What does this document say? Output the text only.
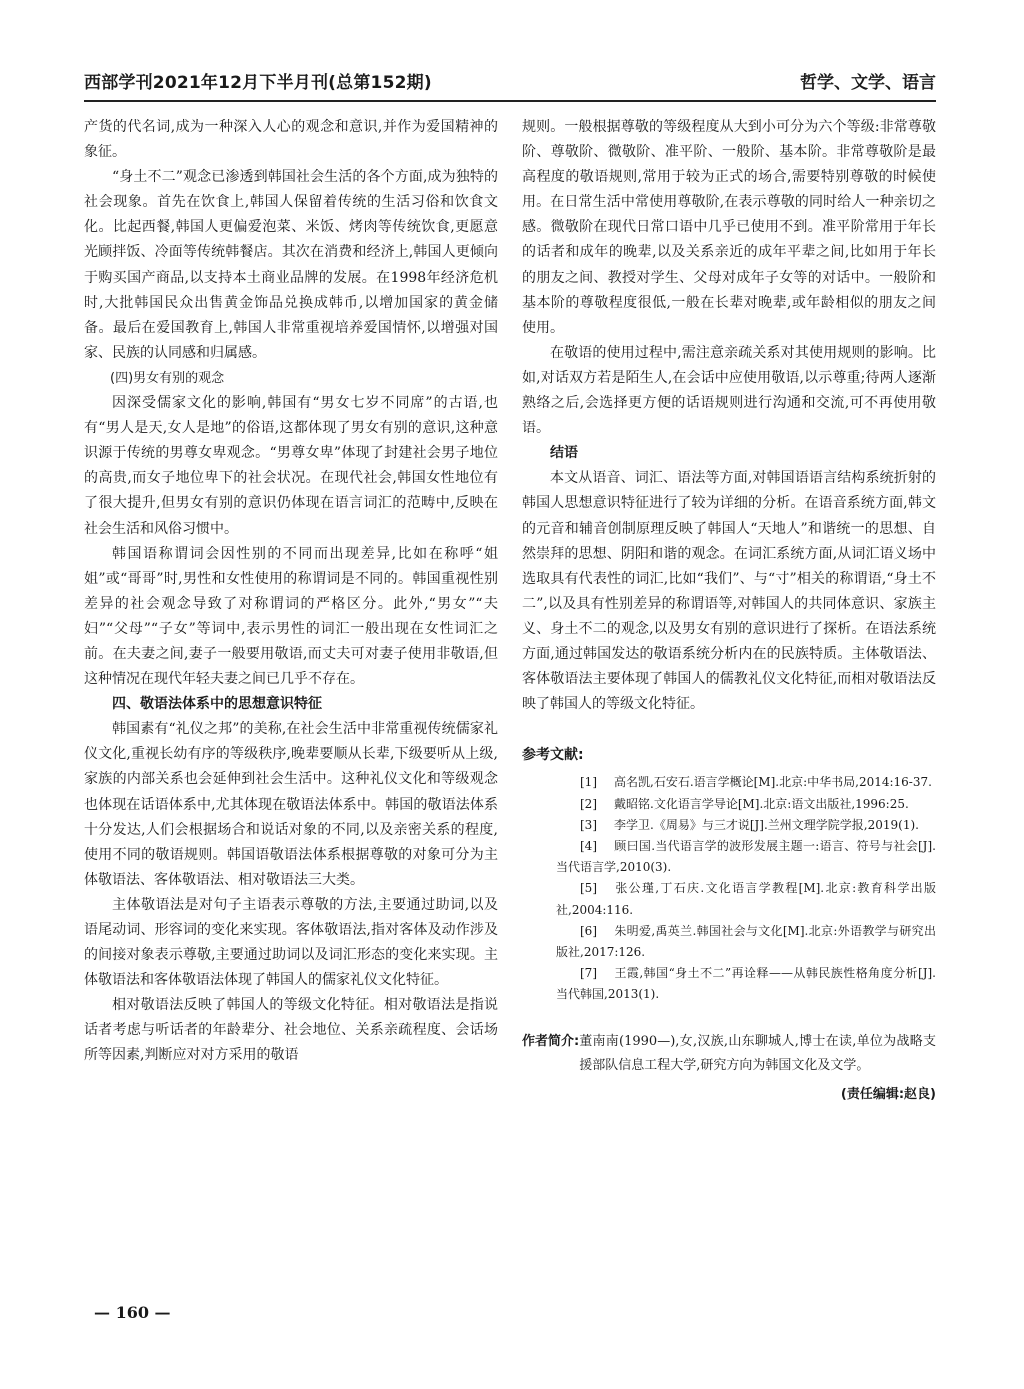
西部学刊2021年12月下半月刊(总第152期)	哲学、文学、语言

产货的代名词,成为一种深入人心的观念和意识,并作为爱国精神的象征。

“身土不二”观念已渗透到韩国社会生活的各个方面,成为独特的社会现象。首先在饮食上,韩国人保留着传统的生活习俗和饮食文化。比起西餐,韩国人更偏爱泡菜、米饭、烤肉等传统饮食,更愿意光顾拌饭、冷面等传统韩餐店。其次在消费和经济上,韩国人更倾向于购买国产商品,以支持本土商业品牌的发展。在1998年经济危机时,大批韩国民众出售黄金饰品兑换成韩币,以增加国家的黄金储备。最后在爱国教育上,韩国人非常重视培养爱国情怀,以增强对国家、民族的认同感和归属感。

(四)男女有别的观念

因深受儒家文化的影响,韩国有“男女七岁不同席”的古语,也有“男人是天,女人是地”的俗语,这都体现了男女有别的意识,这种意识源于传统的男尊女卑观念。“男尊女卑”体现了封建社会男子地位的高贵,而女子地位卑下的社会状况。在现代社会,韩国女性地位有了很大提升,但男女有别的意识仍体现在语言词汇的范畴中,反映在社会生活和风俗习惯中。

韩国语称谓词会因性别的不同而出现差异,比如在称呼“姐姐”或“哥哥”时,男性和女性使用的称谓词是不同的。韩国重视性别差异的社会观念导致了对称谓词的严格区分。此外,“男女”“夫妇”“父母”“子女”等词中,表示男性的词汇一般出现在女性词汇之前。在夫妻之间,妻子一般要用敬语,而丈夫可对妻子使用非敬语,但这种情况在现代年轻夫妻之间已几乎不存在。

四、敬语法体系中的思想意识特征

韩国素有“礼仪之邦”的美称,在社会生活中非常重视传统儒家礼仪文化,重视长幼有序的等级秩序,晚辈要顺从长辈,下级要听从上级,家族的内部关系也会延伸到社会生活中。这种礼仪文化和等级观念也体现在话语体系中,尤其体现在敬语法体系中。韩国的敬语法体系十分发达,人们会根据场合和说话对象的不同,以及亲密关系的程度,使用不同的敬语规则。韩国语敬语法体系根据尊敬的对象可分为主体敬语法、客体敬语法、相对敬语法三大类。

主体敬语法是对句子主语表示尊敬的方法,主要通过助词,以及语尾动词、形容词的变化来实现。客体敬语法,指对客体及动作涉及的间接对象表示尊敬,主要通过助词以及词汇形态的变化来实现。主体敬语法和客体敬语法体现了韩国人的儒家礼仪文化特征。

相对敬语法反映了韩国人的等级文化特征。相对敬语法是指说话者考虑与听话者的年龄辈分、社会地位、关系亲疏程度、会话场所等因素,判断应对对方采用的敬语

规则。一般根据尊敬的等级程度从大到小可分为六个等级:非常尊敬阶、尊敬阶、微敬阶、准平阶、一般阶、基本阶。非常尊敬阶是最高程度的敬语规则,常用于较为正式的场合,需要特别尊敬的时候使用。在日常生活中常使用尊敬阶,在表示尊敬的同时给人一种亲切之感。微敬阶在现代日常口语中几乎已使用不到。准平阶常用于年长的话者和成年的晚辈,以及关系亲近的成年平辈之间,比如用于年长的朋友之间、教授对学生、父母对成年子女等的对话中。一般阶和基本阶的尊敬程度很低,一般在长辈对晚辈,或年龄相似的朋友之间使用。

在敬语的使用过程中,需注意亲疏关系对其使用规则的影响。比如,对话双方若是陌生人,在会话中应使用敬语,以示尊重;待两人逐渐熟络之后,会选择更方便的话语规则进行沟通和交流,可不再使用敬语。

结语

本文从语音、词汇、语法等方面,对韩国语语言结构系统折射的韩国人思想意识特征进行了较为详细的分析。在语音系统方面,韩文的元音和辅音创制原理反映了韩国人“天地人”和谐统一的思想、自然崇拜的思想、阴阳和谐的观念。在词汇系统方面,从词汇语义场中选取具有代表性的词汇,比如“我们”、与“寸”相关的称谓语,“身土不二”,以及具有性别差异的称谓语等,对韩国人的共同体意识、家族主义、身土不二的观念,以及男女有别的意识进行了探析。在语法系统方面,通过韩国发达的敬语系统分析内在的民族特质。主体敬语法、客体敬语法主要体现了韩国人的儒教礼仪文化特征,而相对敬语法反映了韩国人的等级文化特征。

参考文献:

[1] 高名凯,石安石.语言学概论[M].北京:中华书局,2014:16-37.

[2] 戴昭铭.文化语言学导论[M].北京:语文出版社,1996:25.

[3] 李学卫.《周易》与三才说[J].兰州文理学院学报,2019(1).

[4] 顾曰国.当代语言学的波形发展主题一:语言、符号与社会[J].当代语言学,2010(3).

[5] 张公瑾,丁石庆.文化语言学教程[M].北京:教育科学出版社,2004:116.

[6] 朱明爱,禹英兰.韩国社会与文化[M].北京:外语教学与研究出版社,2017:126.

[7] 王霞,韩国“身土不二”再诠释——从韩民族性格角度分析[J].当代韩国,2013(1).

作者简介: 董南南(1990—),女,汉族,山东聊城人,博士在读,单位为战略支援部队信息工程大学,研究方向为韩国文化及文学。
(责任编辑:赵良)
— 160 —
